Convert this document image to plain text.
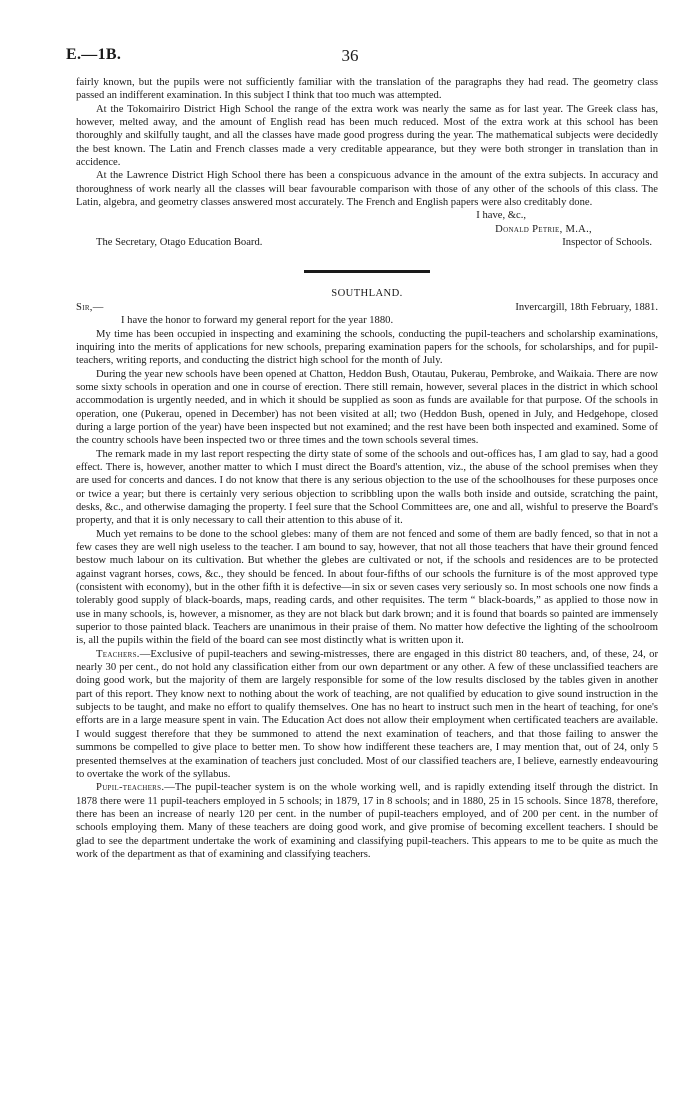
E.—1B.	36

fairly known, but the pupils were not sufficiently familiar with the translation of the paragraphs they had read. The geometry class passed an indifferent examination. In this subject I think that too much was attempted.

At the Tokomairiro District High School the range of the extra work was nearly the same as for last year. The Greek class has, however, melted away, and the amount of English read has been much reduced. Most of the extra work at this school has been thoroughly and skilfully taught, and all the classes have made good progress during the year. The mathematical subjects were decidedly the best known. The Latin and French classes made a very creditable appearance, but they were both stronger in translation than in accidence.

At the Lawrence District High School there has been a conspicuous advance in the amount of the extra subjects. In accuracy and thoroughness of work nearly all the classes will bear favourable comparison with those of any other of the schools of this class. The Latin, algebra, and geometry classes answered most accurately. The French and English papers were also creditably done.

I have, &c.,

Donald Petrie, M.A.,

The Secretary, Otago Education Board.	Inspector of Schools.

SOUTHLAND.

Sir,—	Invercargill, 18th February, 1881.

I have the honor to forward my general report for the year 1880.

My time has been occupied in inspecting and examining the schools, conducting the pupil-teachers and scholarship examinations, inquiring into the merits of applications for new schools, preparing examination papers for the schools, for scholarships, and for pupil-teachers, writing reports, and conducting the district high school for the month of July.

During the year new schools have been opened at Chatton, Heddon Bush, Otautau, Pukerau, Pembroke, and Waikaia. There are now some sixty schools in operation and one in course of erection. There still remain, however, several places in the district in which school accommodation is urgently needed, and in which it should be supplied as soon as funds are available for that purpose. Of the schools in operation, one (Pukerau, opened in December) has not been visited at all; two (Heddon Bush, opened in July, and Hedgehope, closed during a large portion of the year) have been inspected but not examined; and the rest have been both inspected and examined. Some of the country schools have been inspected two or three times and the town schools several times.

The remark made in my last report respecting the dirty state of some of the schools and out-offices has, I am glad to say, had a good effect. There is, however, another matter to which I must direct the Board's attention, viz., the abuse of the school premises when they are used for concerts and dances. I do not know that there is any serious objection to the use of the schoolhouses for these purposes once or twice a year; but there is certainly very serious objection to scribbling upon the walls both inside and outside, scratching the paint, desks, &c., and otherwise damaging the property. I feel sure that the School Committees are, one and all, wishful to preserve the Board's property, and that it is only necessary to call their attention to this abuse of it.

Much yet remains to be done to the school glebes: many of them are not fenced and some of them are badly fenced, so that in not a few cases they are well nigh useless to the teacher. I am bound to say, however, that not all those teachers that have their ground fenced bestow much labour on its cultivation. But whether the glebes are cultivated or not, if the schools and residences are to be protected against vagrant horses, cows, &c., they should be fenced. In about four-fifths of our schools the furniture is of the most approved type (consistent with economy), but in the other fifth it is defective—in six or seven cases very seriously so. In most schools one now finds a tolerably good supply of black-boards, maps, reading cards, and other requisites. The term “ black-boards,” as applied to those now in use in many schools, is, however, a misnomer, as they are not black but dark brown; and it is found that boards so painted are immensely superior to those painted black. Teachers are unanimous in their praise of them. No matter how defective the lighting of the schoolroom is, all the pupils within the field of the board can see most distinctly what is written upon it.

Teachers.—Exclusive of pupil-teachers and sewing-mistresses, there are engaged in this district 80 teachers, and, of these, 24, or nearly 30 per cent., do not hold any classification either from our own department or any other. A few of these unclassified teachers are doing good work, but the majority of them are largely responsible for some of the low results disclosed by the tables given in another part of this report. They know next to nothing about the work of teaching, are not qualified by education to give sound instruction in the subjects to be taught, and make no effort to qualify themselves. One has no heart to instruct such men in the heart of teaching, for one's efforts are in a large measure spent in vain. The Education Act does not allow their employment when certificated teachers are available. I would suggest therefore that they be summoned to attend the next examination of teachers, and that those failing to answer the summons be compelled to give place to better men. To show how indifferent these teachers are, I may mention that, out of 24, only 5 presented themselves at the examination of teachers just concluded. Most of our classified teachers are, I believe, earnestly endeavouring to overtake the work of the syllabus.

Pupil-teachers.—The pupil-teacher system is on the whole working well, and is rapidly extending itself through the district. In 1878 there were 11 pupil-teachers employed in 5 schools; in 1879, 17 in 8 schools; and in 1880, 25 in 15 schools. Since 1878, therefore, there has been an increase of nearly 120 per cent. in the number of pupil-teachers employed, and of 200 per cent. in the number of schools employing them. Many of these teachers are doing good work, and give promise of becoming excellent teachers. I should be glad to see the department undertake the work of examining and classifying pupil-teachers. This appears to me to be quite as much the work of the department as that of examining and classifying teachers.
